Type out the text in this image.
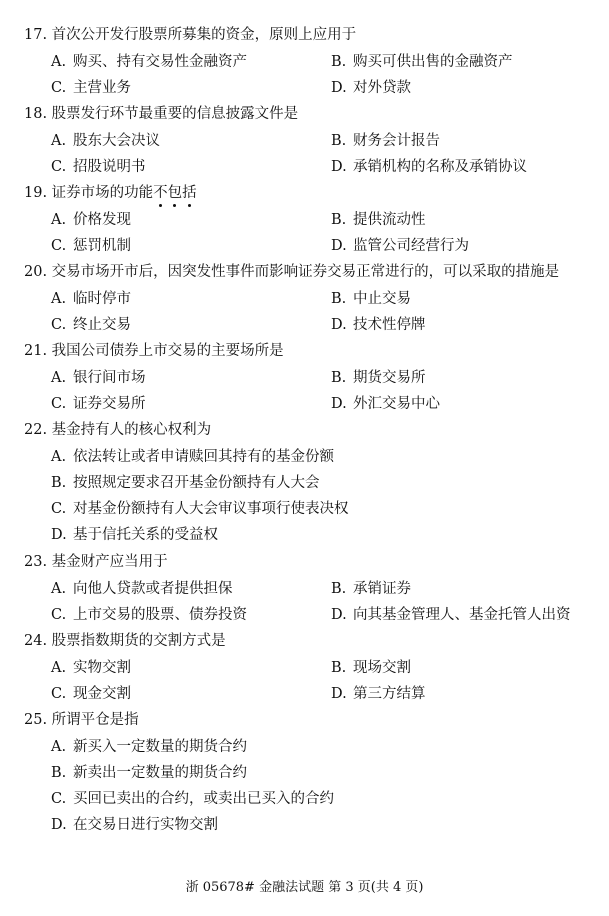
17. 首次公开发行股票所募集的资金，原则上应用于
A. 购买、持有交易性金融资产	B. 购买可供出售的金融资产
C. 主营业务	D. 对外贷款
18. 股票发行环节最重要的信息披露文件是
A. 股东大会决议	B. 财务会计报告
C. 招股说明书	D. 承销机构的名称及承销协议
19. 证券市场的功能不
包
括
A. 价格发现	B. 提供流动性
C. 惩罚机制	D. 监管公司经营行为
20. 交易市场开市后，因突发性事件而影响证券交易正常进行的，可以采取的措施是
A. 临时停市	B. 中止交易
C. 终止交易	D. 技术性停牌
21. 我国公司债券上市交易的主要场所是
A. 银行间市场	B. 期货交易所
C. 证券交易所	D. 外汇交易中心
22. 基金持有人的核心权利为
A. 依法转让或者申请赎回其持有的基金份额
B. 按照规定要求召开基金份额持有人大会
C. 对基金份额持有人大会审议事项行使表决权
D. 基于信托关系的受益权
23. 基金财产应当用于
A. 向他人贷款或者提供担保	B. 承销证券
C. 上市交易的股票、债券投资	D. 向其基金管理人、基金托管人出资
24. 股票指数期货的交割方式是
A. 实物交割	B. 现场交割
C. 现金交割	D. 第三方结算
25. 所谓平仓是指
A. 新买入一定数量的期货合约
B. 新卖出一定数量的期货合约
C. 买回已卖出的合约，或卖出已买入的合约
D. 在交易日进行实物交割
浙 05678# 金融法试题 第 3 页(共 4 页)
